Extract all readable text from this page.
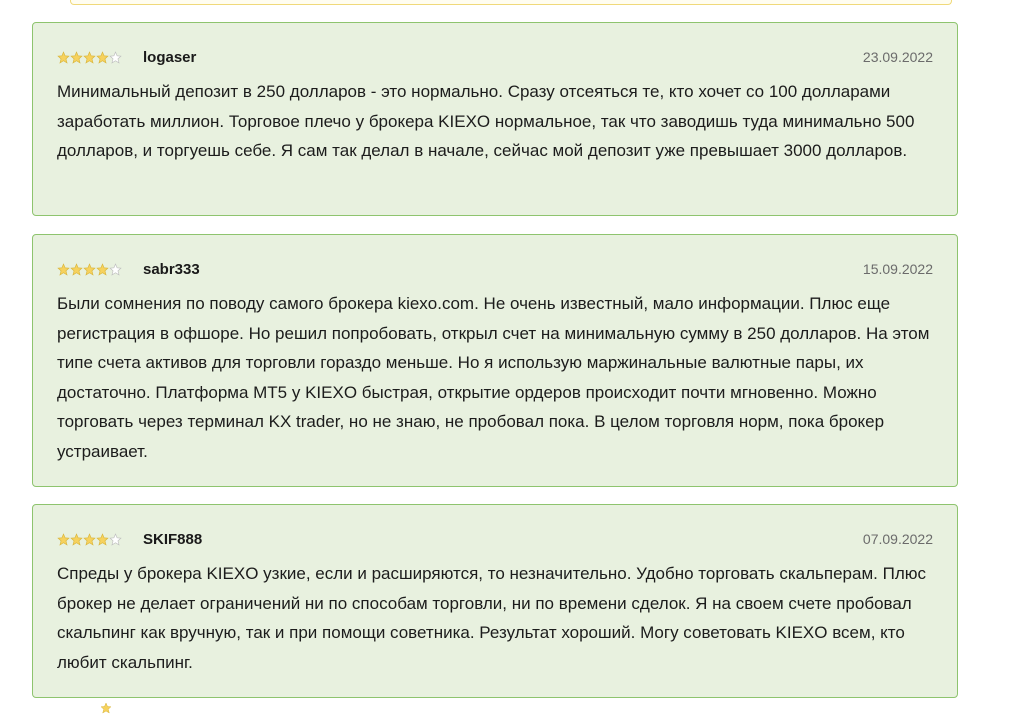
logaser	23.09.2022

Минимальный депозит в 250 долларов - это нормально. Сразу отсеяться те, кто хочет со 100 долларами заработать миллион. Торговое плечо у брокера KIEXO нормальное, так что заводишь туда минимально 500 долларов, и торгуешь себе. Я сам так делал в начале, сейчас мой депозит уже превышает 3000 долларов.

sabr333	15.09.2022

Были сомнения по поводу самого брокера kiexo.com. Не очень известный, мало информации. Плюс еще регистрация в офшоре. Но решил попробовать, открыл счет на минимальную сумму в 250 долларов. На этом типе счета активов для торговли гораздо меньше. Но я использую маржинальные валютные пары, их достаточно. Платформа MT5 у KIEXO быстрая, открытие ордеров происходит почти мгновенно. Можно торговать через терминал KX trader, но не знаю, не пробовал пока. В целом торговля норм, пока брокер устраивает.

SKIF888	07.09.2022

Спреды у брокера KIEXO узкие, если и расширяются, то незначительно. Удобно торговать скальперам. Плюс брокер не делает ограничений ни по способам торговли, ни по времени сделок. Я на своем счете пробовал скальпинг как вручную, так и при помощи советника. Результат хороший. Могу советовать KIEXO всем, кто любит скальпинг.
